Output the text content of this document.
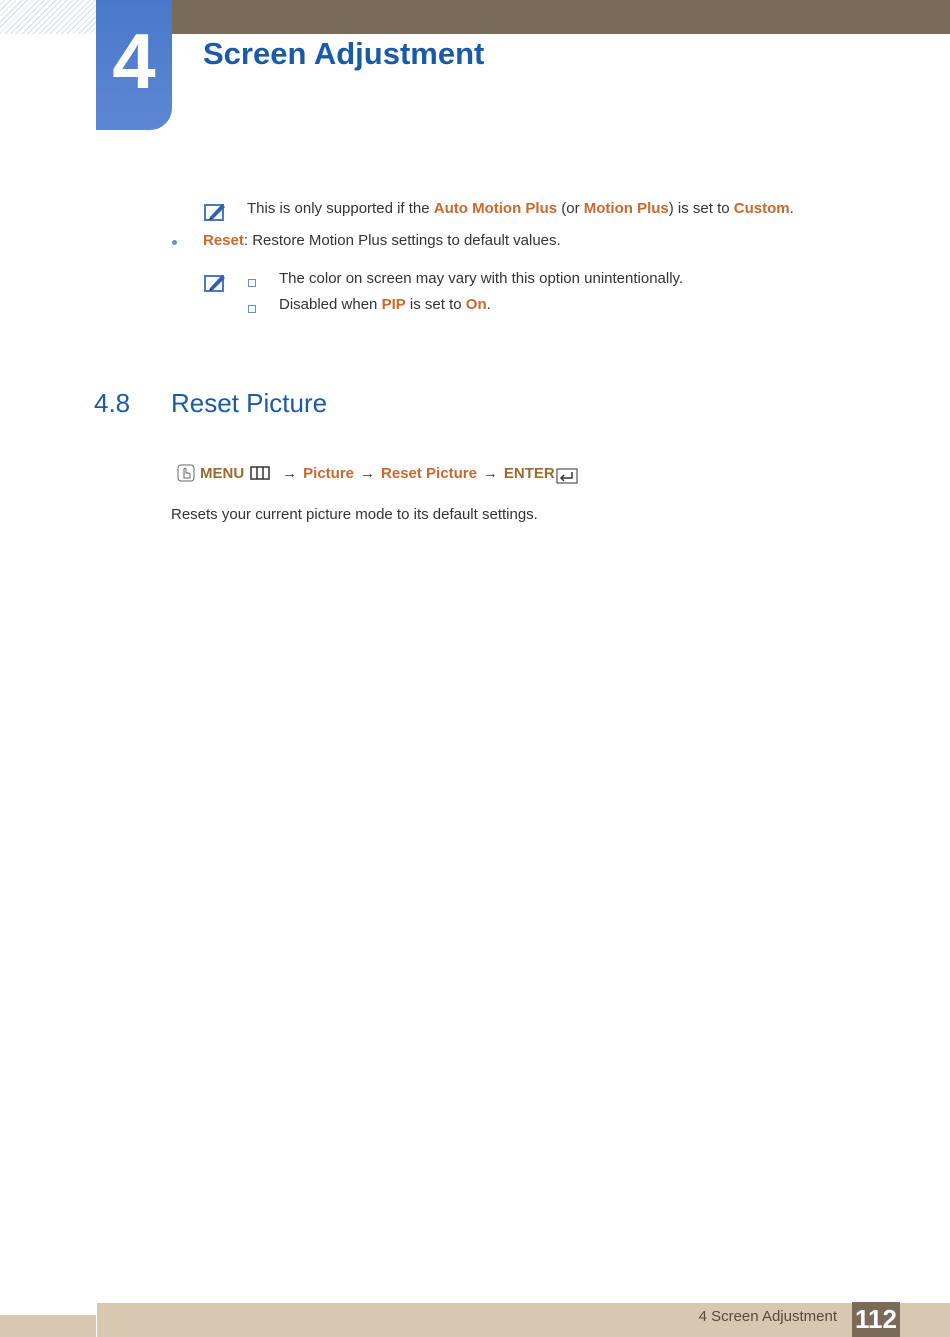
4 Screen Adjustment
This is only supported if the Auto Motion Plus (or Motion Plus) is set to Custom.
Reset: Restore Motion Plus settings to default values.
The color on screen may vary with this option unintentionally.
Disabled when PIP is set to On.
4.8 Reset Picture
MENU	→ Picture → Reset Picture → ENTER
Resets your current picture mode to its default settings.
4 Screen Adjustment 112
